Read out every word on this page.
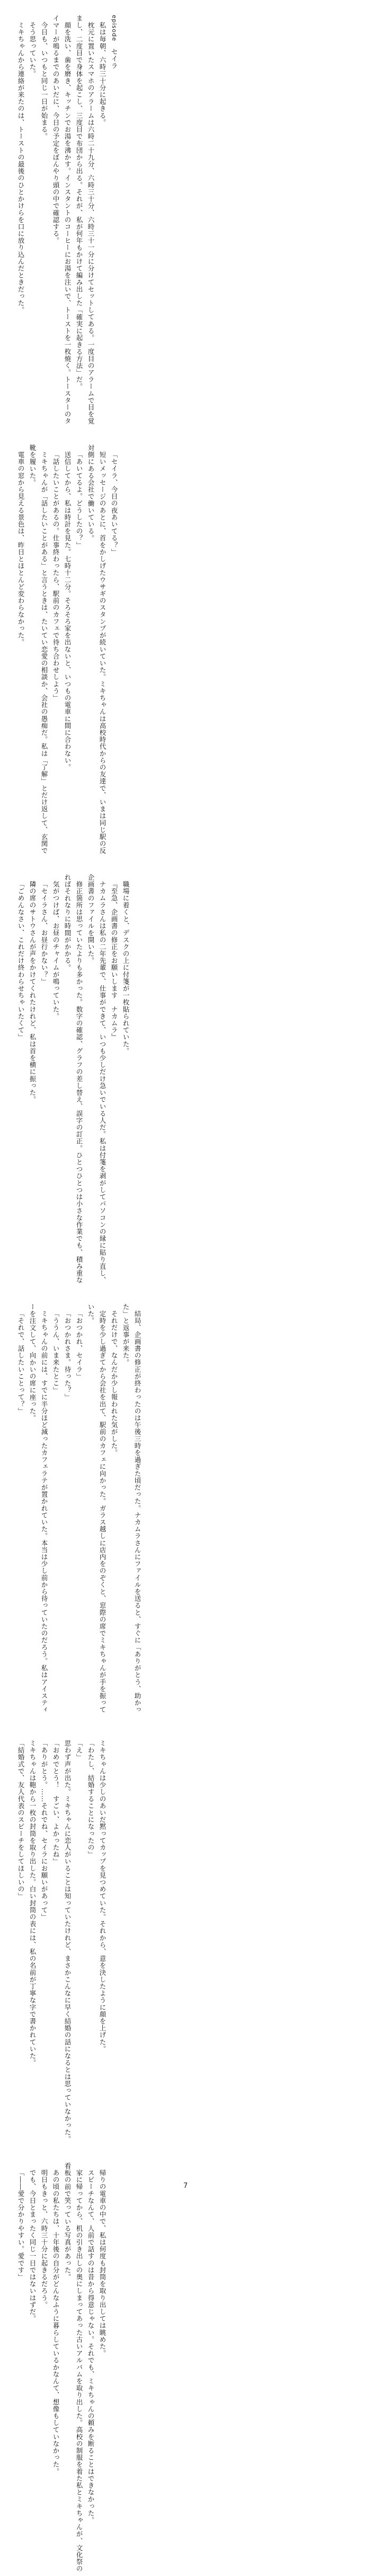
episode　セイラ

私は毎朝、六時三十分に起きる。

枕元に置いたスマホのアラームは六時二十九分、六時三十分、六時三十一分に分けてセットしてある。一度目のアラームで目を覚まし、二度目で身体を起こし、三度目で布団から出る。それが、私が何年もかけて編み出した「確実に起きる方法」だ。

顔を洗い、歯を磨き、キッチンでお湯を沸かす。インスタントのコーヒーにお湯を注いで、トーストを一枚焼く。トースターのタイマーが鳴るまでのあいだに、今日の予定をぼんやり頭の中で確認する。

今日も、いつもと同じ一日が始まる。

そう思っていた。

ミキちゃんから連絡が来たのは、トーストの最後のひとかけらを口に放り込んだときだった。

「セイラ、今日の夜あいてる？」

短いメッセージのあとに、首をかしげたウサギのスタンプが続いていた。ミキちゃんは高校時代からの友達で、いまは同じ駅の反対側にある会社で働いている。

「あいてるよ。どうしたの？」

送信してから、私は時計を見た。七時十二分。そろそろ家を出ないと、いつもの電車に間に合わない。

「話したいことがあるの。仕事終わったら、駅前のカフェで待ち合わせしよう」

ミキちゃんが「話したいことがある」と言うときは、たいてい恋愛の相談か、会社の愚痴だ。私は「了解」とだけ返して、玄関で靴を履いた。

電車の窓から見える景色は、昨日とほとんど変わらなかった。

職場に着くと、デスクの上に付箋が一枚貼られていた。

『至急、企画書の修正をお願いします　ナカムラ』

ナカムラさんは私の二年先輩で、仕事ができて、いつも少しだけ急いでいる人だ。私は付箋を剥がしてパソコンの縁に貼り直し、企画書のファイルを開いた。

修正箇所は思っていたよりも多かった。数字の確認、グラフの差し替え、誤字の訂正。ひとつひとつは小さな作業でも、積み重なればそれなりに時間がかかる。

気がつけば、お昼のチャイムが鳴っていた。

「セイラさん、お昼行かない？」

隣の席のサトウさんが声をかけてくれたけれど、私は首を横に振った。

「ごめんなさい、これだけ終わらせちゃいたくて」

結局、企画書の修正が終わったのは午後三時を過ぎた頃だった。ナカムラさんにファイルを送ると、すぐに「ありがとう、助かった」と返事が来た。

それだけで、なんだか少し報われた気がした。

定時を少し過ぎてから会社を出て、駅前のカフェに向かった。ガラス越しに店内をのぞくと、窓際の席でミキちゃんが手を振っていた。

「おつかれ、セイラ」

「おつかれさま。待った？」

「ううん、いま来たとこ」

ミキちゃんの前には、すでに半分ほど減ったカフェラテが置かれていた。本当は少し前から待っていたのだろう。私はアイスティーを注文して、向かいの席に座った。

「それで、話したいことって？」

ミキちゃんは少しのあいだ黙ってカップを見つめていた。それから、意を決したように顔を上げた。

「わたし、結婚することになったの」

「え」

思わず声が出た。ミキちゃんに恋人がいることは知っていたけれど、まさかこんなに早く結婚の話になるとは思っていなかった。

「おめでとう！　すごい、よかったね」

「ありがとう。……それでね、セイラにお願いがあって」

ミキちゃんは鞄から一枚の封筒を取り出した。白い封筒の表には、私の名前が丁寧な字で書かれていた。

「結婚式で、友人代表のスピーチをしてほしいの」

帰りの電車の中で、私は何度も封筒を取り出しては眺めた。

スピーチなんて、人前で話すのは昔から得意じゃない。それでも、ミキちゃんの頼みを断ることはできなかった。

家に帰ってから、机の引き出しの奥にしまってあった古いアルバムを取り出した。高校の制服を着た私とミキちゃんが、文化祭の看板の前で笑っている写真があった。

あの頃の私たちは、十年後の自分がどんなふうに暮らしているかなんて、想像もしていなかった。

明日もきっと、六時三十分に起きるだろう。

でも、今日とまったく同じ一日ではないはずだ。

「――愛で分かりやすい。愛です」	7
